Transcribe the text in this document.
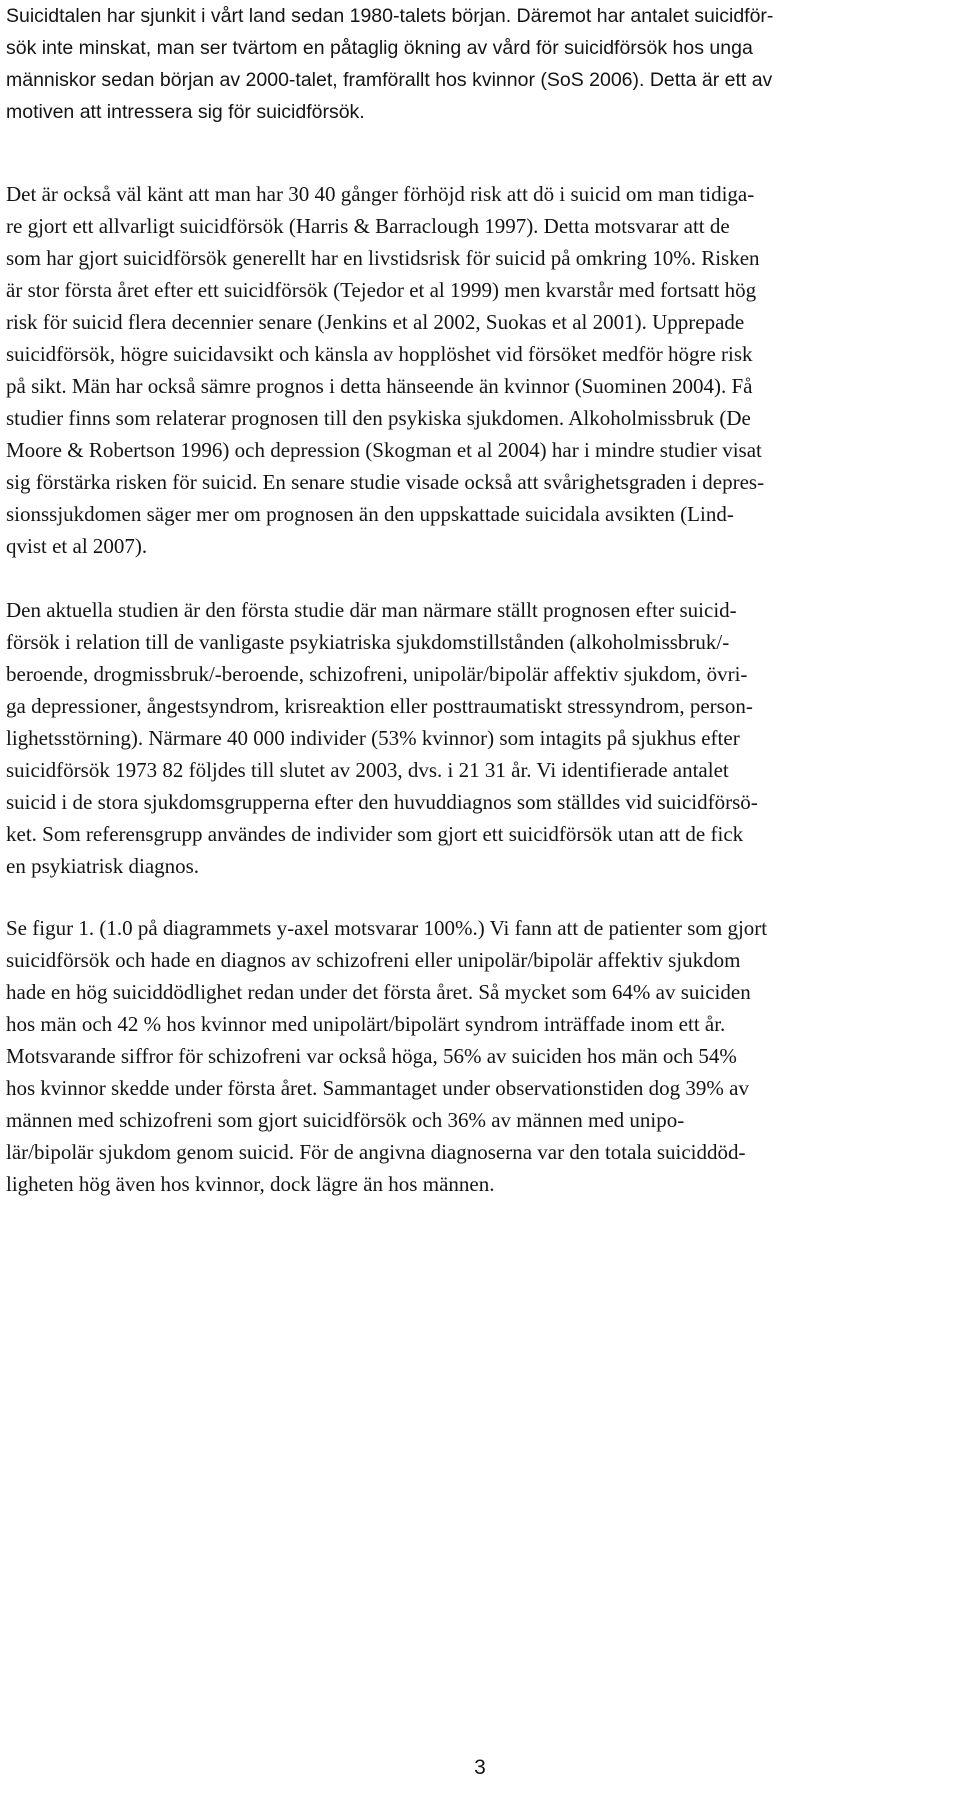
Suicidtalen har sjunkit i vårt land sedan 1980-talets början. Däremot har antalet suicidför-
sök inte minskat, man ser tvärtom en påtaglig ökning av vård för suicidförsök hos unga
människor sedan början av 2000-talet, framförallt hos kvinnor (SoS 2006). Detta är ett av
motiven att intressera sig för suicidförsök.

Det är också väl känt att man har 30 40 gånger förhöjd risk att dö i suicid om man tidiga-
re gjort ett allvarligt suicidförsök (Harris & Barraclough 1997). Detta motsvarar att de
som har gjort suicidförsök generellt har en livstidsrisk för suicid på omkring 10%. Risken
är stor första året efter ett suicidförsök (Tejedor et al 1999) men kvarstår med fortsatt hög
risk för suicid flera decennier senare (Jenkins et al 2002, Suokas et al 2001). Upprepade
suicidförsök, högre suicidavsikt och känsla av hopplöshet vid försöket medför högre risk
på sikt. Män har också sämre prognos i detta hänseende än kvinnor (Suominen 2004). Få
studier finns som relaterar prognosen till den psykiska sjukdomen. Alkoholmissbruk (De
Moore & Robertson 1996) och depression (Skogman et al 2004) har i mindre studier visat
sig förstärka risken för suicid. En senare studie visade också att svårighetsgraden i depres-
sionssjukdomen säger mer om prognosen än den uppskattade suicidala avsikten (Lind-
qvist et al 2007).

Den aktuella studien är den första studie där man närmare ställt prognosen efter suicid-
försök i relation till de vanligaste psykiatriska sjukdomstillstånden (alkoholmissbruk/-
beroende, drogmissbruk/-beroende, schizofreni, unipolär/bipolär affektiv sjukdom, övri-
ga depressioner, ångestsyndrom, krisreaktion eller posttraumatiskt stressyndrom, person-
lighetsstörning). Närmare 40 000 individer (53% kvinnor) som intagits på sjukhus efter
suicidförsök 1973 82 följdes till slutet av 2003, dvs. i 21 31 år. Vi identifierade antalet
suicid i de stora sjukdomsgrupperna efter den huvuddiagnos som ställdes vid suicidförsö-
ket. Som referensgrupp användes de individer som gjort ett suicidförsök utan att de fick
en psykiatrisk diagnos.

Se figur 1. (1.0 på diagrammets y-axel motsvarar 100%.) Vi fann att de patienter som gjort
suicidförsök och hade en diagnos av schizofreni eller unipolär/bipolär affektiv sjukdom
hade en hög suiciddödlighet redan under det första året. Så mycket som 64% av suiciden
hos män och 42 % hos kvinnor med unipolärt/bipolärt syndrom inträffade inom ett år.
Motsvarande siffror för schizofreni var också höga, 56% av suiciden hos män och 54%
hos kvinnor skedde under första året. Sammantaget under observationstiden dog 39% av
männen med schizofreni som gjort suicidförsök och 36% av männen med unipo-
lär/bipolär sjukdom genom suicid. För de angivna diagnoserna var den totala suiciddöd-
ligheten hög även hos kvinnor, dock lägre än hos männen.

3
